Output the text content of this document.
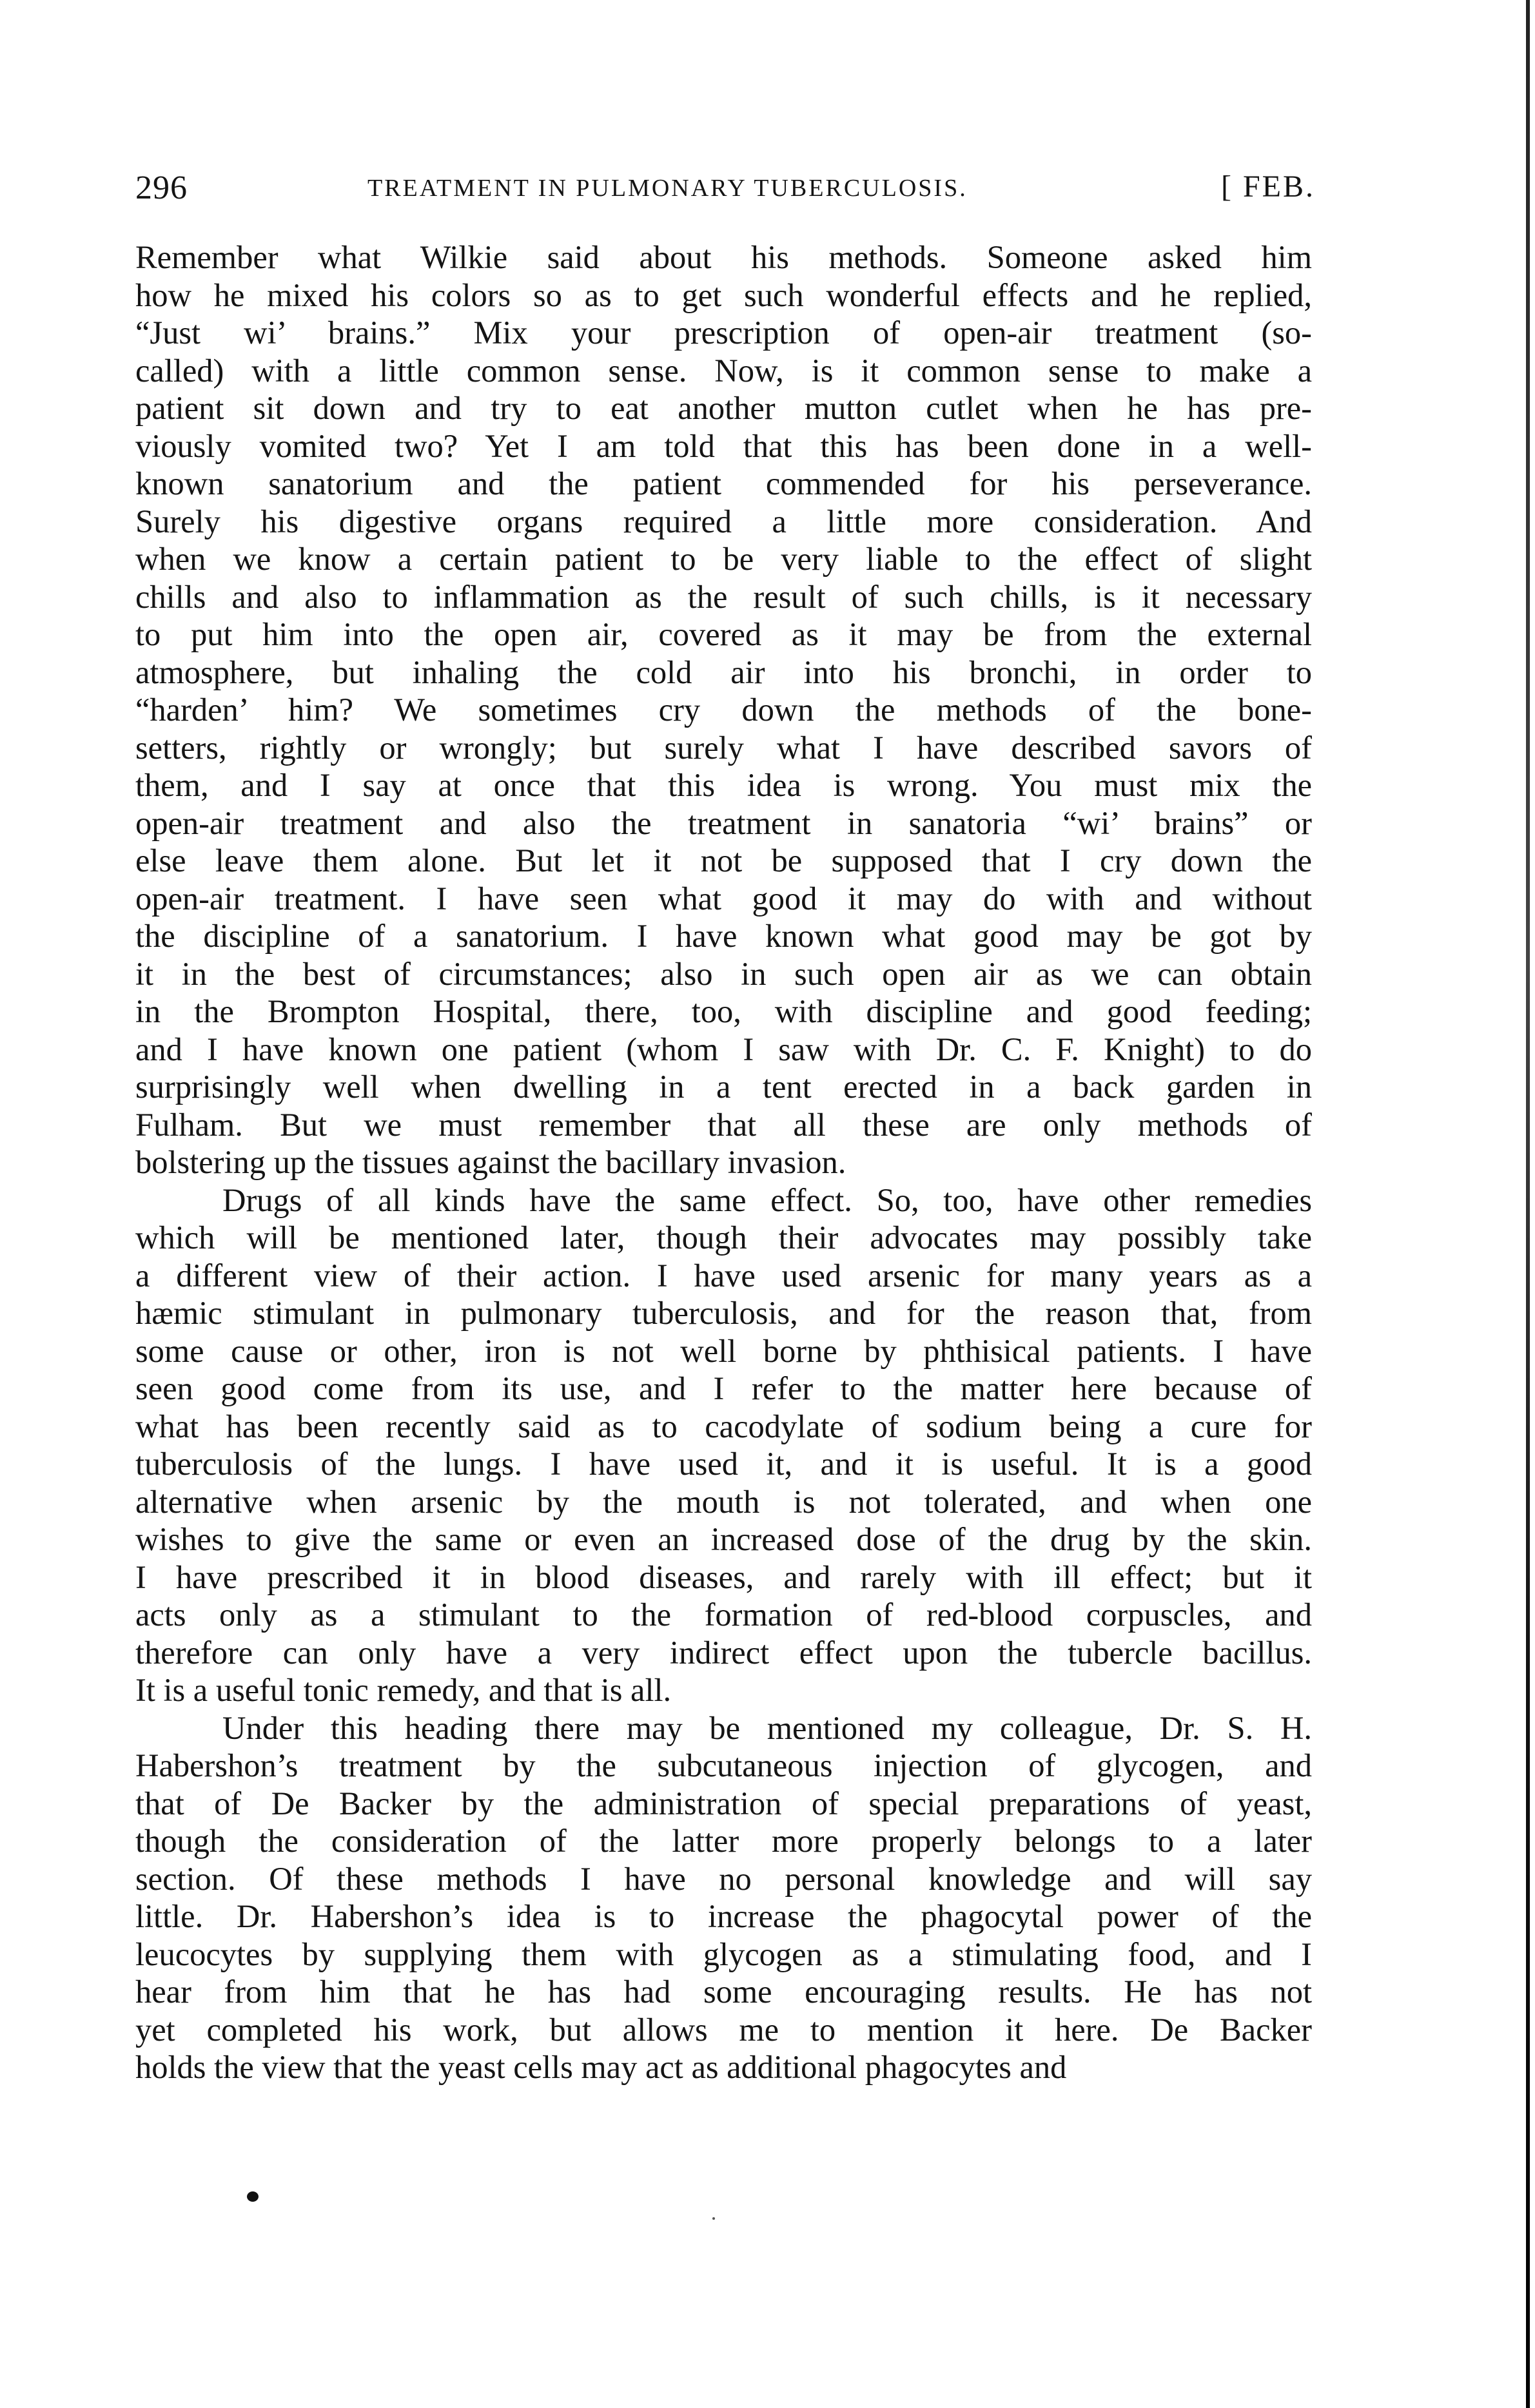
296	TREATMENT IN PULMONARY TUBERCULOSIS.	[ FEB.
Remember what Wilkie said about his methods. Someone asked him
how he mixed his colors so as to get such wonderful effects and he replied,
“Just wi’ brains.” Mix your prescription of open-air treatment (so-
called) with a little common sense. Now, is it common sense to make a
patient sit down and try to eat another mutton cutlet when he has pre-
viously vomited two? Yet I am told that this has been done in a well-
known sanatorium and the patient commended for his perseverance.
Surely his digestive organs required a little more consideration. And
when we know a certain patient to be very liable to the effect of slight
chills and also to inflammation as the result of such chills, is it necessary
to put him into the open air, covered as it may be from the external
atmosphere, but inhaling the cold air into his bronchi, in order to
“harden’ him? We sometimes cry down the methods of the bone-
setters, rightly or wrongly; but surely what I have described savors of
them, and I say at once that this idea is wrong. You must mix the
open-air treatment and also the treatment in sanatoria “wi’ brains” or
else leave them alone. But let it not be supposed that I cry down the
open-air treatment. I have seen what good it may do with and without
the discipline of a sanatorium. I have known what good may be got by
it in the best of circumstances; also in such open air as we can obtain
in the Brompton Hospital, there, too, with discipline and good feeding;
and I have known one patient (whom I saw with Dr. C. F. Knight) to do
surprisingly well when dwelling in a tent erected in a back garden in
Fulham. But we must remember that all these are only methods of
bolstering up the tissues against the bacillary invasion.
Drugs of all kinds have the same effect. So, too, have other remedies
which will be mentioned later, though their advocates may possibly take
a different view of their action. I have used arsenic for many years as a
hæmic stimulant in pulmonary tuberculosis, and for the reason that, from
some cause or other, iron is not well borne by phthisical patients. I have
seen good come from its use, and I refer to the matter here because of
what has been recently said as to cacodylate of sodium being a cure for
tuberculosis of the lungs. I have used it, and it is useful. It is a good
alternative when arsenic by the mouth is not tolerated, and when one
wishes to give the same or even an increased dose of the drug by the skin.
I have prescribed it in blood diseases, and rarely with ill effect; but it
acts only as a stimulant to the formation of red-blood corpuscles, and
therefore can only have a very indirect effect upon the tubercle bacillus.
It is a useful tonic remedy, and that is all.
Under this heading there may be mentioned my colleague, Dr. S. H.
Habershon’s treatment by the subcutaneous injection of glycogen, and
that of De Backer by the administration of special preparations of yeast,
though the consideration of the latter more properly belongs to a later
section. Of these methods I have no personal knowledge and will say
little. Dr. Habershon’s idea is to increase the phagocytal power of the
leucocytes by supplying them with glycogen as a stimulating food, and I
hear from him that he has had some encouraging results. He has not
yet completed his work, but allows me to mention it here. De Backer
holds the view that the yeast cells may act as additional phagocytes and
